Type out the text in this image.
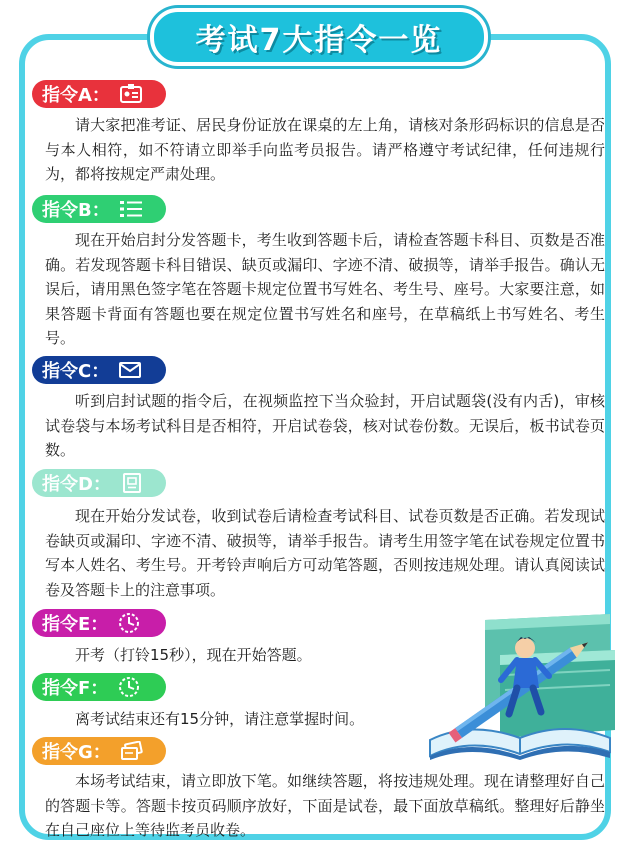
考试7大指令一览
指令A：

请大家把准考证、居民身份证放在课桌的左上角，请核对条形码标识的信息是否与本人相符，如不符请立即举手向监考员报告。请严格遵守考试纪律，任何违规行为，都将按规定严肃处理。

指令B：

现在开始启封分发答题卡，考生收到答题卡后，请检查答题卡科目、页数是否准确。若发现答题卡科目错误、缺页或漏印、字迹不清、破损等，请举手报告。确认无误后，请用黑色签字笔在答题卡规定位置书写姓名、考生号、座号。大家要注意，如果答题卡背面有答题也要在规定位置书写姓名和座号，在草稿纸上书写姓名、考生号。

指令C：

听到启封试题的指令后，在视频监控下当众验封，开启试题袋(没有内舌)，审核试卷袋与本场考试科目是否相符，开启试卷袋，核对试卷份数。无误后，板书试卷页数。

指令D：

现在开始分发试卷，收到试卷后请检查考试科目、试卷页数是否正确。若发现试卷缺页或漏印、字迹不清、破损等，请举手报告。请考生用签字笔在试卷规定位置书写本人姓名、考生号。开考铃声响后方可动笔答题，否则按违规处理。请认真阅读试卷及答题卡上的注意事项。

指令E：

开考（打铃15秒），现在开始答题。

指令F：

离考试结束还有15分钟，请注意掌握时间。

指令G：

本场考试结束，请立即放下笔。如继续答题，将按违规处理。现在请整理好自己的答题卡等。答题卡按页码顺序放好，下面是试卷，最下面放草稿纸。整理好后静坐在自己座位上等待监考员收卷。
